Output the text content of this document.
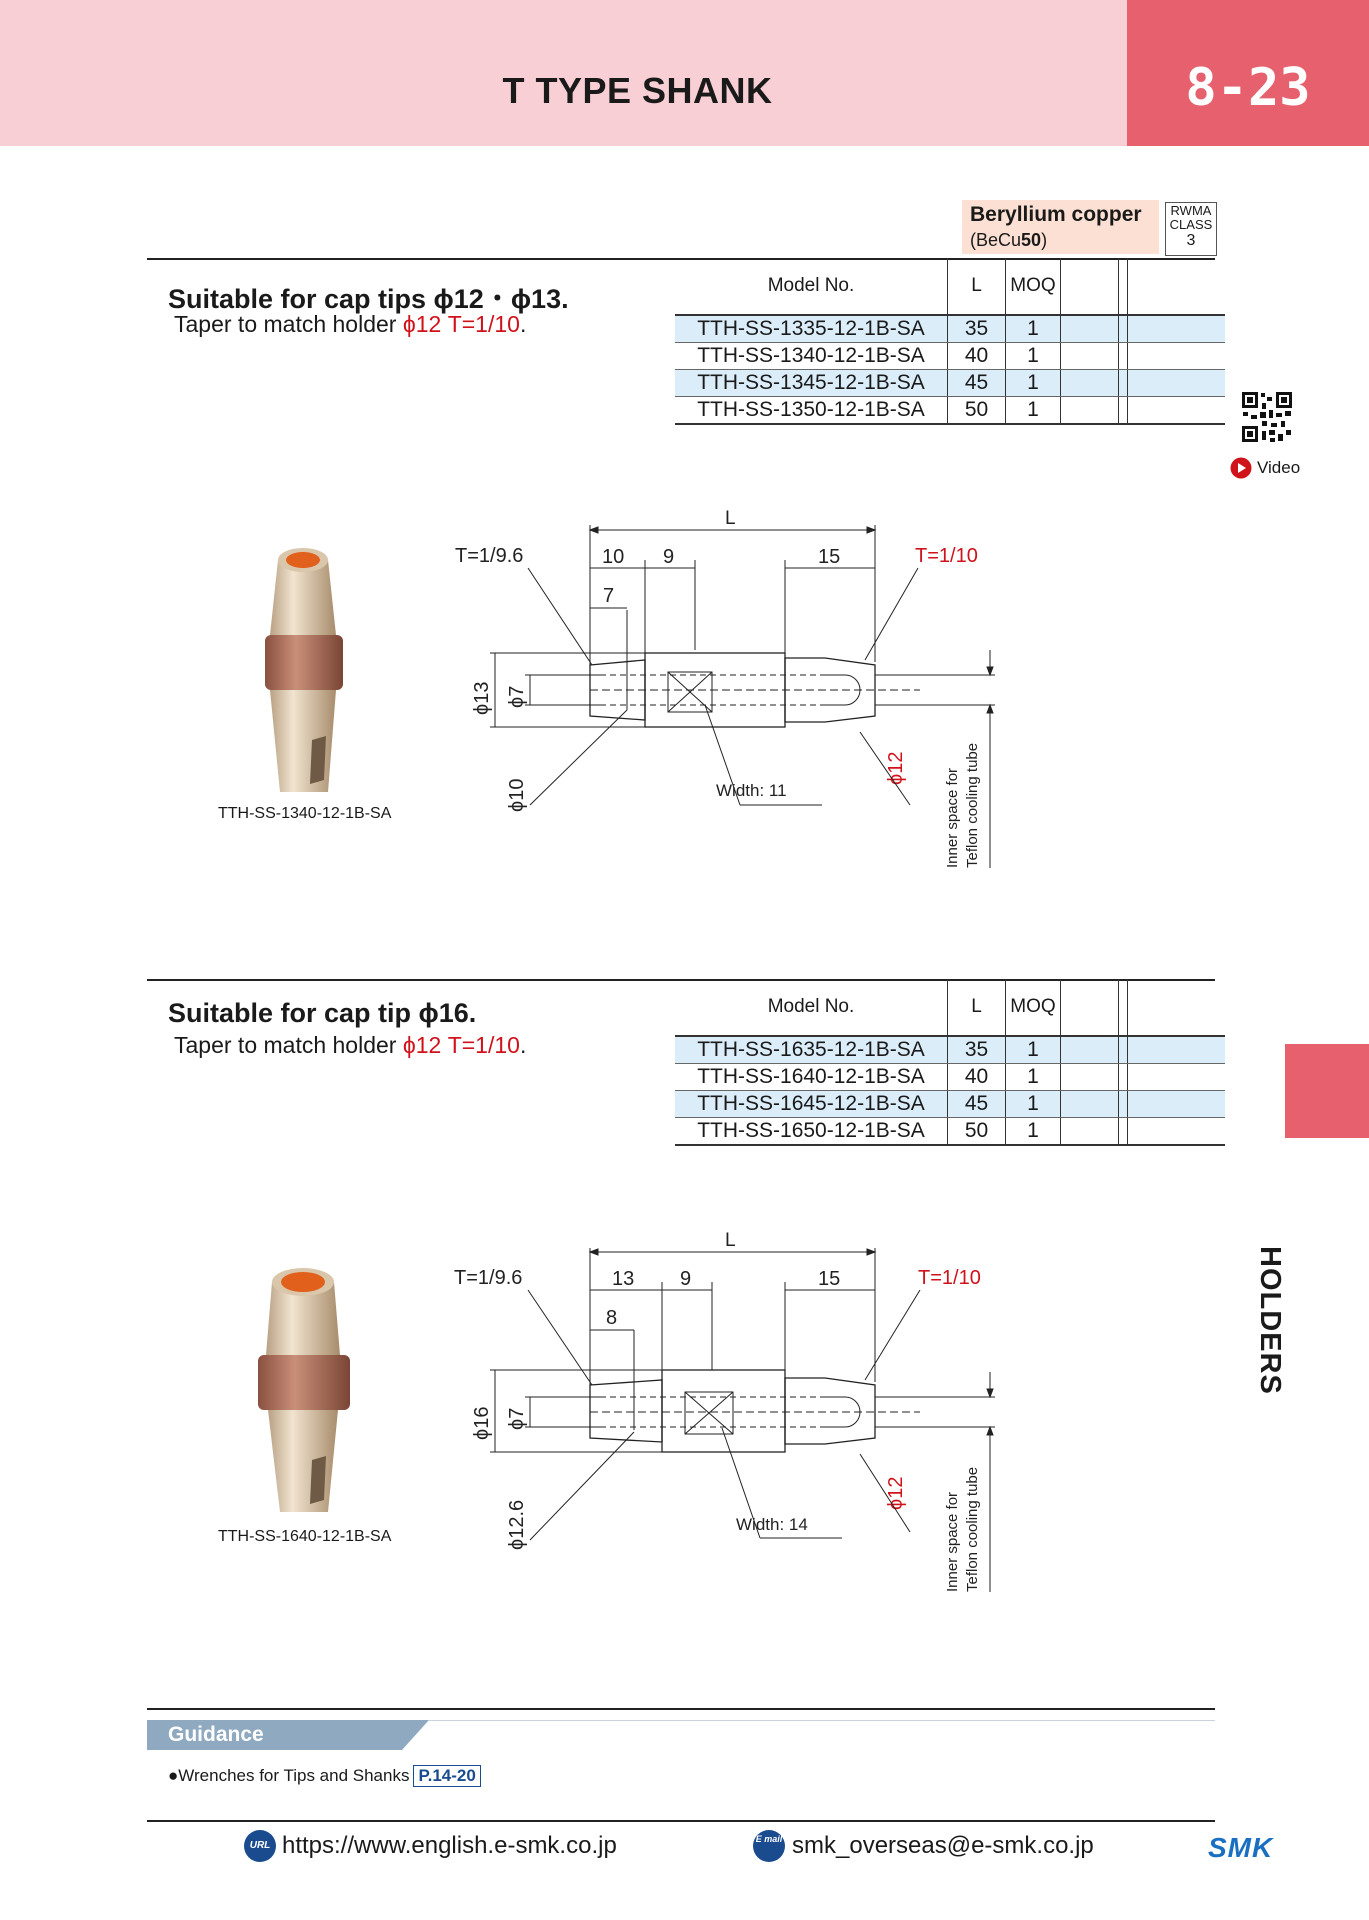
T TYPE SHANK	8-23
Beryllium copper
(BeCu50)
RWMA
CLASS
3
Video
HOLDERS
Suitable for cap tips ϕ12・ϕ13.
Taper to match holder ϕ12 T=1/10.
Model No.	L	MOQ			
TTH-SS-1335-12-1B-SA	35	1			
TTH-SS-1340-12-1B-SA	40	1			
TTH-SS-1345-12-1B-SA	45	1			
TTH-SS-1350-12-1B-SA	50	1			
TTH-SS-1340-12-1B-SA
L
10 9	15
7
T=1/9.6	T=1/10
ϕ13 ϕ7
ϕ10
ϕ12
Width: 11	Inner space for Teflon cooling tube
Suitable for cap tip ϕ16.
Taper to match holder ϕ12 T=1/10.
Model No.	L	MOQ			
TTH-SS-1635-12-1B-SA	35	1			
TTH-SS-1640-12-1B-SA	40	1			
TTH-SS-1645-12-1B-SA	45	1			
TTH-SS-1650-12-1B-SA	50	1			
TTH-SS-1640-12-1B-SA
L
13 9	15
8
T=1/9.6	T=1/10
ϕ16 ϕ7
ϕ12.6
ϕ12
Width: 14	Inner space for Teflon cooling tube
Guidance
●Wrenches for Tips and Shanks P.14-20
URL https://www.english.e-smk.co.jp	E mail smk_overseas@e-smk.co.jp	SMK
